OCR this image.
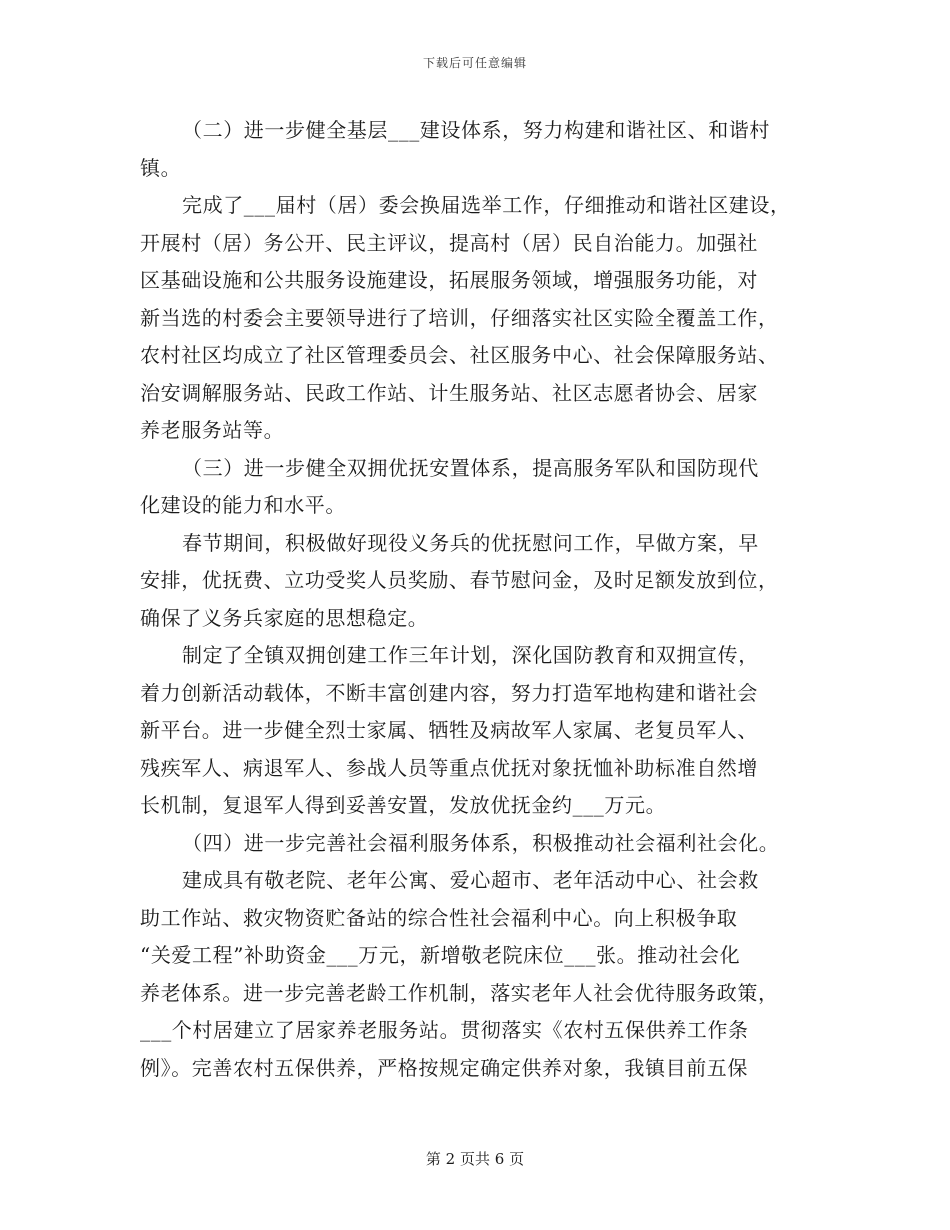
下载后可任意编辑

（二）进一步健全基层___建设体系，努力构建和谐社区、和谐村
镇。

完成了___届村（居）委会换届选举工作，仔细推动和谐社区建设，
开展村（居）务公开、民主评议，提高村（居）民自治能力。加强社
区基础设施和公共服务设施建设，拓展服务领域，增强服务功能，对
新当选的村委会主要领导进行了培训，仔细落实社区实险全覆盖工作，
农村社区均成立了社区管理委员会、社区服务中心、社会保障服务站、
治安调解服务站、民政工作站、计生服务站、社区志愿者协会、居家
养老服务站等。

（三）进一步健全双拥优抚安置体系，提高服务军队和国防现代
化建设的能力和水平。

春节期间，积极做好现役义务兵的优抚慰问工作，早做方案，早
安排，优抚费、立功受奖人员奖励、春节慰问金，及时足额发放到位，
确保了义务兵家庭的思想稳定。

制定了全镇双拥创建工作三年计划，深化国防教育和双拥宣传，
着力创新活动载体，不断丰富创建内容，努力打造军地构建和谐社会
新平台。进一步健全烈士家属、牺牲及病故军人家属、老复员军人、
残疾军人、病退军人、参战人员等重点优抚对象抚恤补助标准自然增
长机制，复退军人得到妥善安置，发放优抚金约___万元。

（四）进一步完善社会福利服务体系，积极推动社会福利社会化。

建成具有敬老院、老年公寓、爱心超市、老年活动中心、社会救
助工作站、救灾物资贮备站的综合性社会福利中心。向上积极争取
“关爱工程”补助资金___万元，新增敬老院床位___张。推动社会化
养老体系。进一步完善老龄工作机制，落实老年人社会优待服务政策，
___个村居建立了居家养老服务站。贯彻落实《农村五保供养工作条
例》。完善农村五保供养，严格按规定确定供养对象，我镇目前五保

第 2 页共 6 页
